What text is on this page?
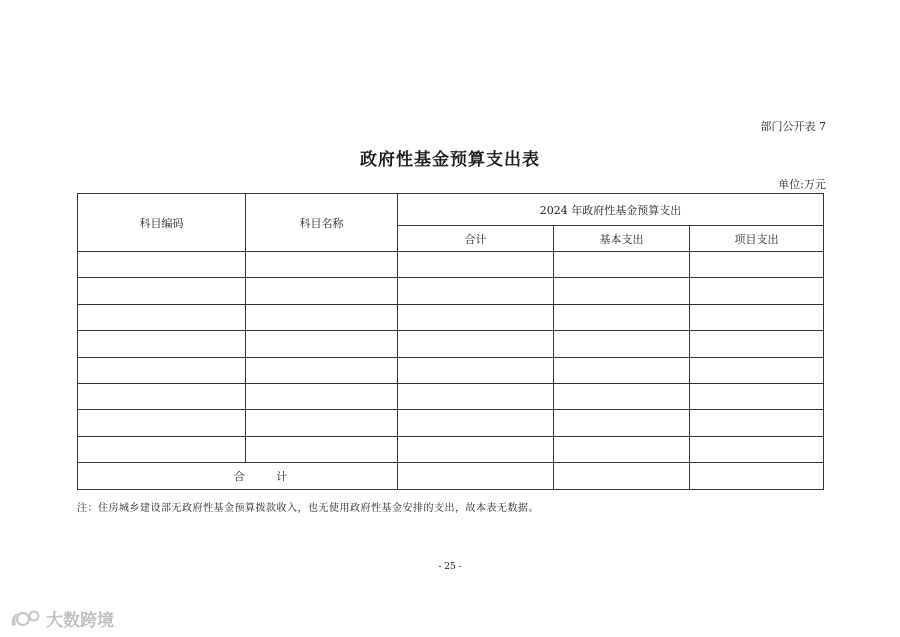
部门公开表 7
政府性基金预算支出表
单位:万元
科目编码	科目名称	2024 年政府性基金预算支出		
		合计	基本支出	项目支出

合 计				
注：住房城乡建设部无政府性基金预算拨款收入，也无使用政府性基金安排的支出，故本表无数据。
- 25 -
大数跨境
